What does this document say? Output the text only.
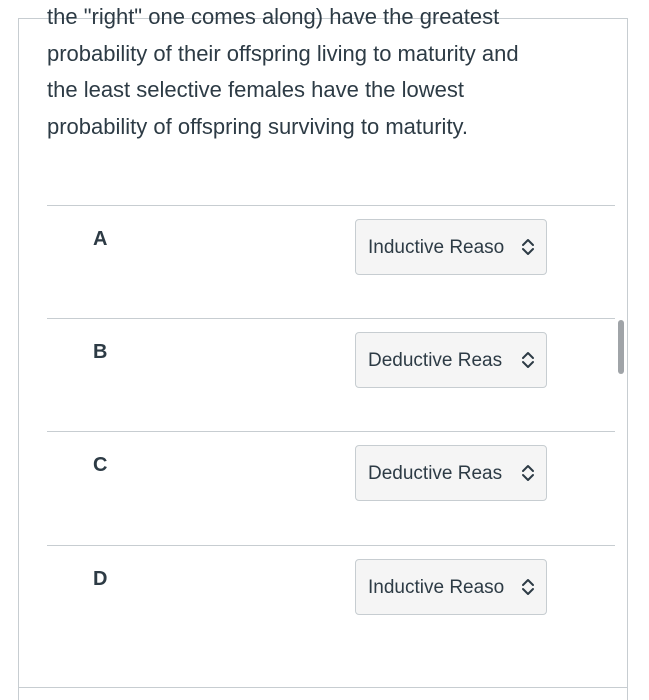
the "right" one comes along) have the greatest
probability of their offspring living to maturity and
the least selective females have the lowest
probability of offspring surviving to maturity.
A	Inductive Reaso
B	Deductive Reas
C	Deductive Reas
D	Inductive Reaso
